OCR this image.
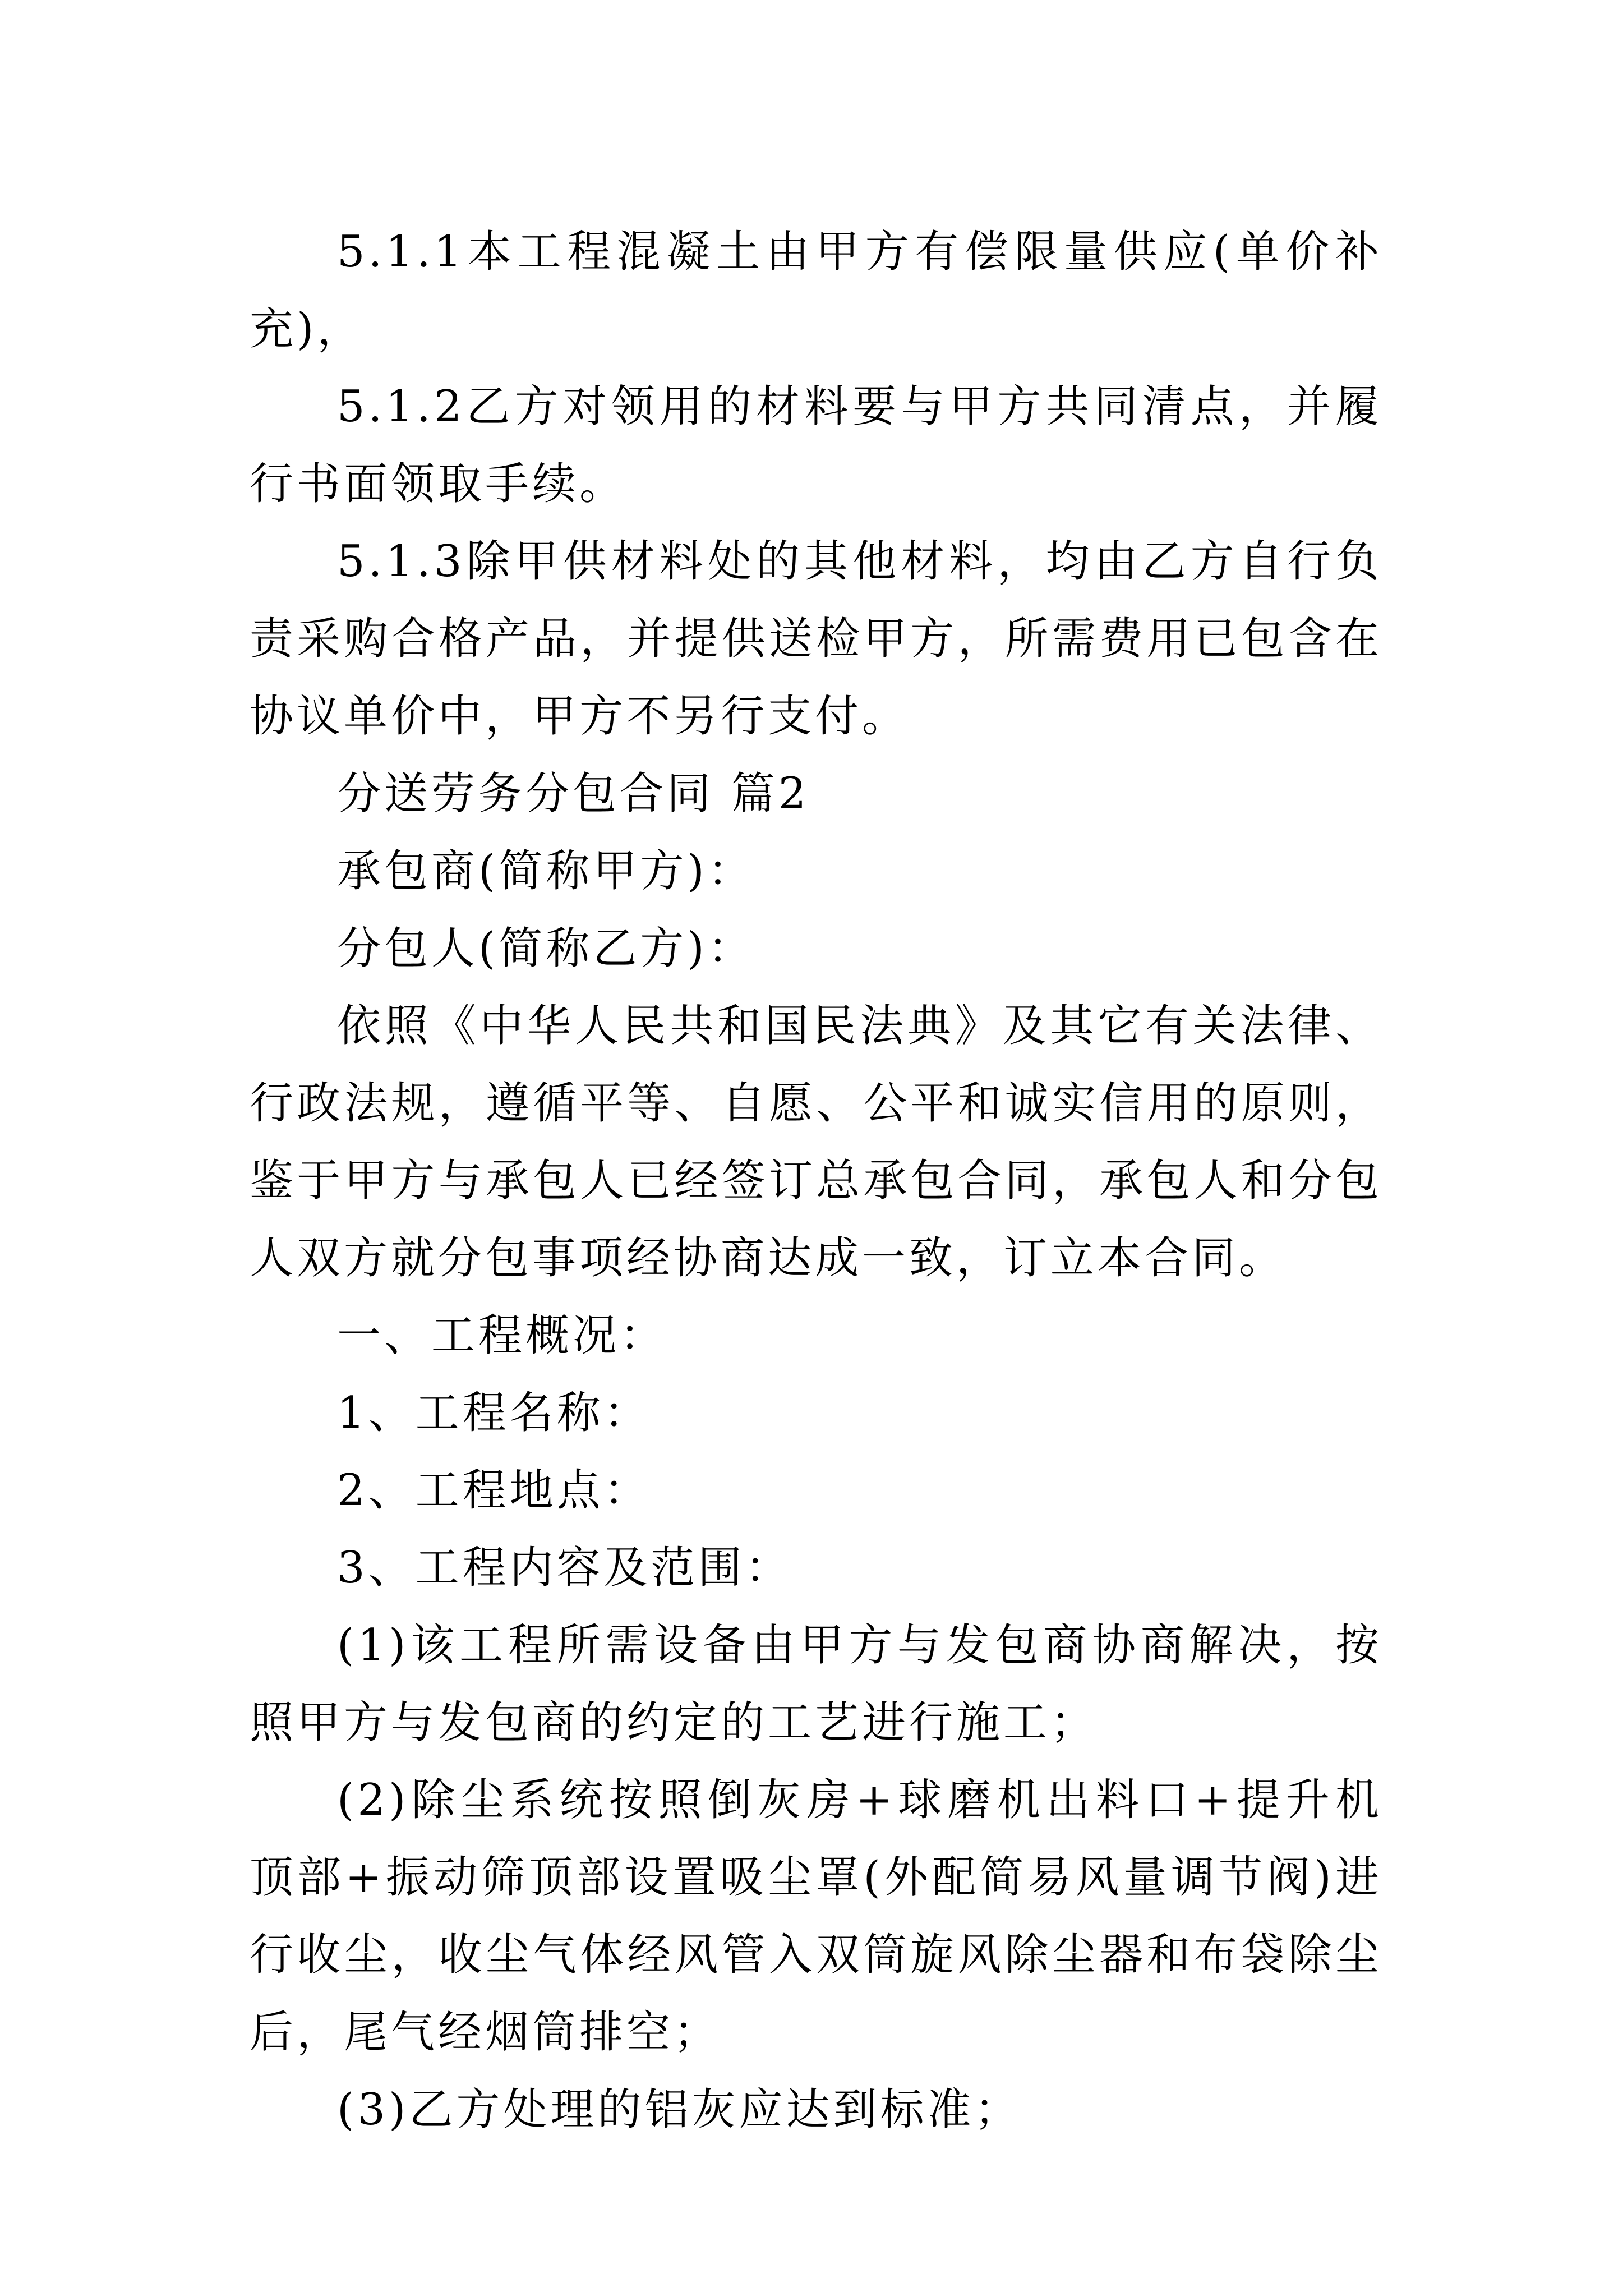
5.1.1本工程混凝土由甲方有偿限量供应(单价补充)，

5.1.2乙方对领用的材料要与甲方共同清点，并履行书面领取手续。

5.1.3除甲供材料处的其他材料，均由乙方自行负责采购合格产品，并提供送检甲方，所需费用已包含在协议单价中，甲方不另行支付。

分送劳务分包合同 篇2

承包商(简称甲方)：

分包人(简称乙方)：

依照《中华人民共和国民法典》及其它有关法律、行政法规，遵循平等、自愿、公平和诚实信用的原则，鉴于甲方与承包人已经签订总承包合同，承包人和分包人双方就分包事项经协商达成一致，订立本合同。

一、工程概况：

1、工程名称：

2、工程地点：

3、工程内容及范围：

(1)该工程所需设备由甲方与发包商协商解决，按照甲方与发包商的约定的工艺进行施工；

(2)除尘系统按照倒灰房+球磨机出料口+提升机顶部+振动筛顶部设置吸尘罩(外配简易风量调节阀)进行收尘，收尘气体经风管入双筒旋风除尘器和布袋除尘后，尾气经烟筒排空；

(3)乙方处理的铝灰应达到标准；
